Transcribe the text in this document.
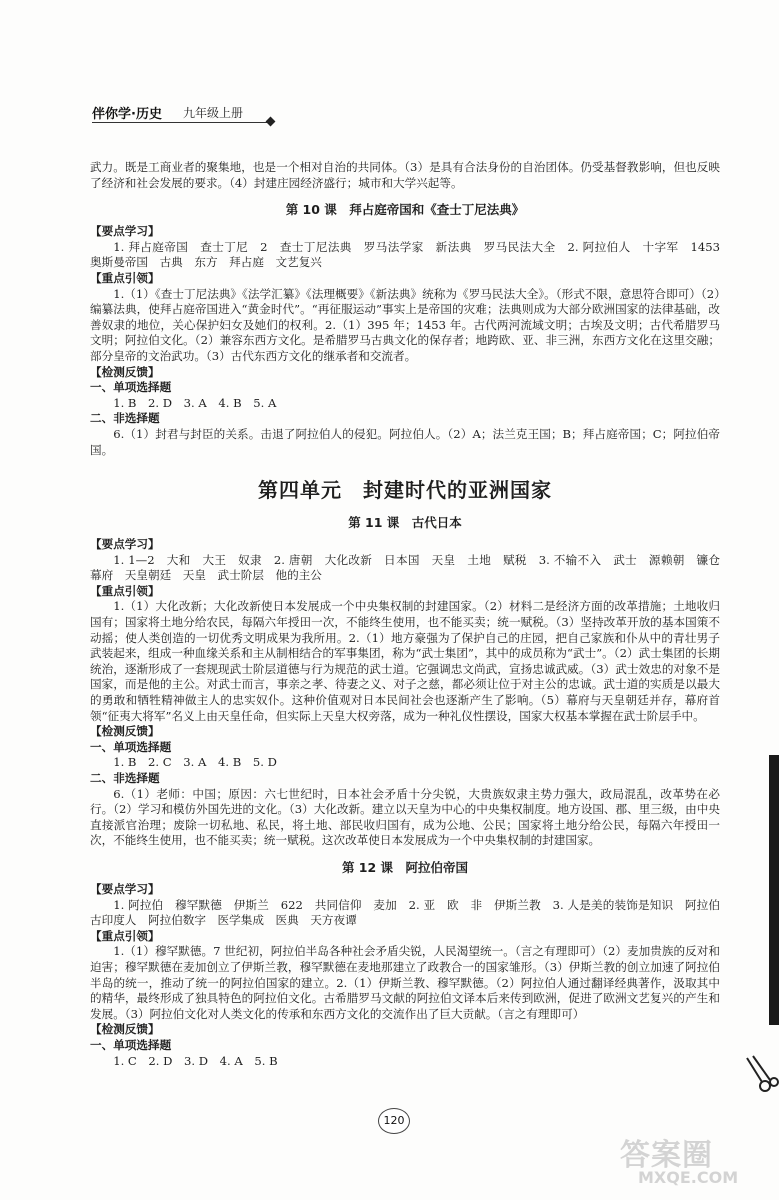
伴你学·历史 九年级上册

武力。既是工商业者的聚集地，也是一个相对自治的共同体。（3）是具有合法身份的自治团体。仍受基督教影响，但也反映了经济和社会发展的要求。（4）封建庄园经济盛行；城市和大学兴起等。

第 10 课　拜占庭帝国和《查士丁尼法典》

【要点学习】

1. 拜占庭帝国　查士丁尼　2　查士丁尼法典　罗马法学家　新法典　罗马民法大全　2. 阿拉伯人　十字军　1453　奥斯曼帝国　古典　东方　拜占庭　文艺复兴

【重点引领】

1.（1）《查士丁尼法典》《法学汇纂》《法理概要》《新法典》统称为《罗马民法大全》。（形式不限，意思符合即可）（2）编纂法典，使拜占庭帝国进入“黄金时代”。“再征服运动”事实上是帝国的灾难；法典则成为大部分欧洲国家的法律基础，改善奴隶的地位，关心保护妇女及她们的权利。2.（1）395 年；1453 年。古代两河流域文明；古埃及文明；古代希腊罗马文明；阿拉伯文化。（2）兼容东西方文化。是希腊罗马古典文化的保存者；地跨欧、亚、非三洲，东西方文化在这里交融；部分皇帝的文治武功。（3）古代东西方文化的继承者和交流者。

【检测反馈】

一、单项选择题

1. B　2. D　3. A　4. B　5. A

二、非选择题

6.（1）封君与封臣的关系。击退了阿拉伯人的侵犯。阿拉伯人。（2）A；法兰克王国；B；拜占庭帝国；C；阿拉伯帝国。

第四单元　封建时代的亚洲国家
第 11 课　古代日本

【要点学习】

1. 1—2　大和　大王　奴隶　2. 唐朝　大化改新　日本国　天皇　土地　赋税　3. 不输不入　武士　源赖朝　镰仓　幕府　天皇朝廷　天皇　武士阶层　他的主公

【重点引领】

1.（1）大化改新；大化改新使日本发展成一个中央集权制的封建国家。（2）材料二是经济方面的改革措施；土地收归国有；国家将土地分给农民，每隔六年授田一次，不能终生使用，也不能买卖；统一赋税。（3）坚持改革开放的基本国策不动摇；使人类创造的一切优秀文明成果为我所用。2.（1）地方豪强为了保护自己的庄园，把自己家族和仆从中的青壮男子武装起来，组成一种血缘关系和主从制相结合的军事集团，称为“武士集团”，其中的成员称为“武士”。（2）武士集团的长期统治，逐渐形成了一套规现武士阶层道德与行为规范的武士道。它强调忠文尚武，宣扬忠诚武威。（3）武士效忠的对象不是国家，而是他的主公。对武士而言，事亲之孝、待妻之义、对子之慈，都必须让位于对主公的忠诚。武士道的实质是以最大的勇敢和牺牲精神做主人的忠实奴仆。这种价值观对日本民间社会也逐渐产生了影响。（5）幕府与天皇朝廷并存，幕府首领“征夷大将军”名义上由天皇任命，但实际上天皇大权旁落，成为一种礼仪性摆设，国家大权基本掌握在武士阶层手中。

【检测反馈】

一、单项选择题

1. B　2. C　3. A　4. B　5. D

二、非选择题

6.（1）老师：中国；原因：六七世纪时，日本社会矛盾十分尖锐，大贵族奴隶主势力强大，政局混乱，改革势在必行。（2）学习和模仿外国先进的文化。（3）大化改新。建立以天皇为中心的中央集权制度。地方设国、郡、里三级，由中央直接派官治理；废除一切私地、私民，将土地、部民收归国有，成为公地、公民；国家将土地分给公民，每隔六年授田一次，不能终生使用，也不能买卖；统一赋税。这次改革使日本发展成为一个中央集权制的封建国家。

第 12 课　阿拉伯帝国

【要点学习】

1. 阿拉伯　穆罕默德　伊斯兰　622　共同信仰　麦加　2. 亚　欧　非　伊斯兰教　3. 人是美的装饰是知识　阿拉伯　古印度人　阿拉伯数字　医学集成　医典　天方夜谭

【重点引领】

1.（1）穆罕默德。7 世纪初，阿拉伯半岛各种社会矛盾尖锐，人民渴望统一。（言之有理即可）（2）麦加贵族的反对和迫害；穆罕默德在麦加创立了伊斯兰教，穆罕默德在麦地那建立了政教合一的国家雏形。（3）伊斯兰教的创立加速了阿拉伯半岛的统一，推动了统一的阿拉伯国家的建立。2.（1）伊斯兰教、穆罕默德。（2）阿拉伯人通过翻译经典著作，汲取其中的精华，最终形成了独具特色的阿拉伯文化。古希腊罗马文献的阿拉伯文译本后来传到欧洲，促进了欧洲文艺复兴的产生和发展。（3）阿拉伯文化对人类文化的传承和东西方文化的交流作出了巨大贡献。（言之有理即可）

【检测反馈】

一、单项选择题

1. C　2. D　3. D　4. A　5. B

120
答案圈
MXQE.COM
